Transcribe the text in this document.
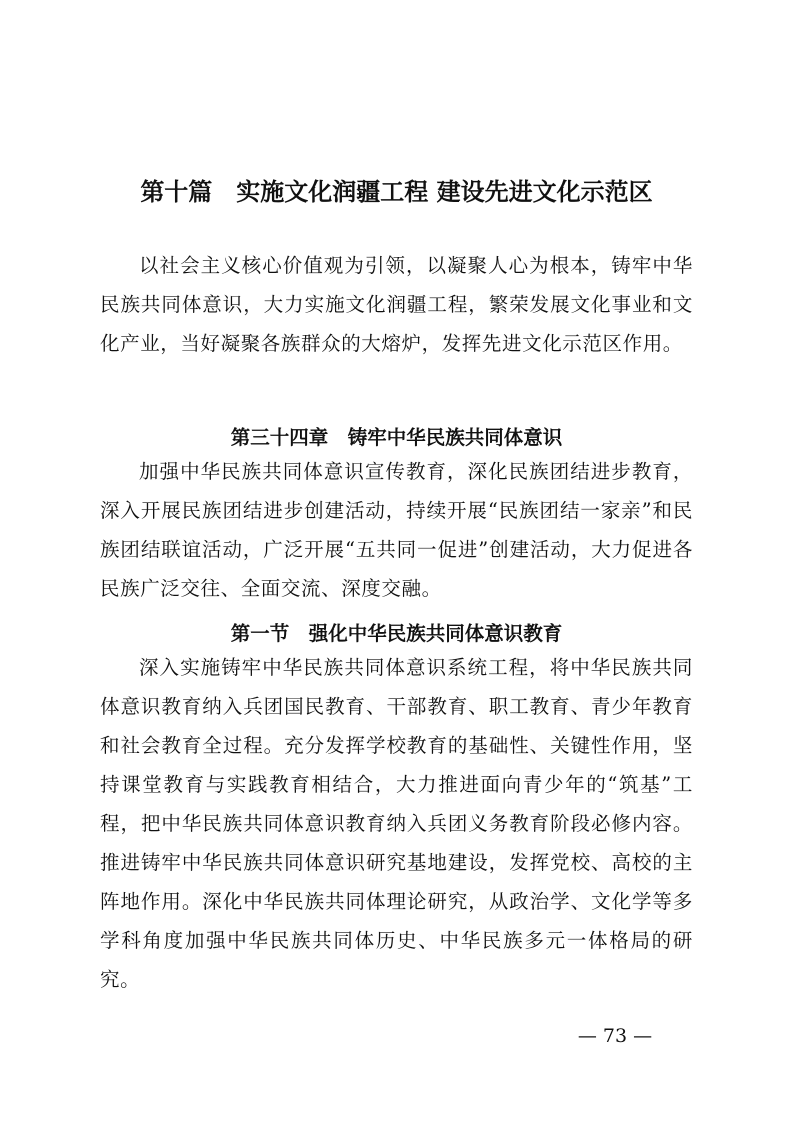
第十篇　实施文化润疆工程 建设先进文化示范区

以社会主义核心价值观为引领，以凝聚人心为根本，铸牢中华民族共同体意识，大力实施文化润疆工程，繁荣发展文化事业和文化产业，当好凝聚各族群众的大熔炉，发挥先进文化示范区作用。

第三十四章　铸牢中华民族共同体意识

加强中华民族共同体意识宣传教育，深化民族团结进步教育，深入开展民族团结进步创建活动，持续开展“民族团结一家亲”和民族团结联谊活动，广泛开展“五共同一促进”创建活动，大力促进各民族广泛交往、全面交流、深度交融。

第一节　强化中华民族共同体意识教育

深入实施铸牢中华民族共同体意识系统工程，将中华民族共同体意识教育纳入兵团国民教育、干部教育、职工教育、青少年教育和社会教育全过程。充分发挥学校教育的基础性、关键性作用，坚持课堂教育与实践教育相结合，大力推进面向青少年的“筑基”工程，把中华民族共同体意识教育纳入兵团义务教育阶段必修内容。推进铸牢中华民族共同体意识研究基地建设，发挥党校、高校的主阵地作用。深化中华民族共同体理论研究，从政治学、文化学等多学科角度加强中华民族共同体历史、中华民族多元一体格局的研究。

— 73 —
